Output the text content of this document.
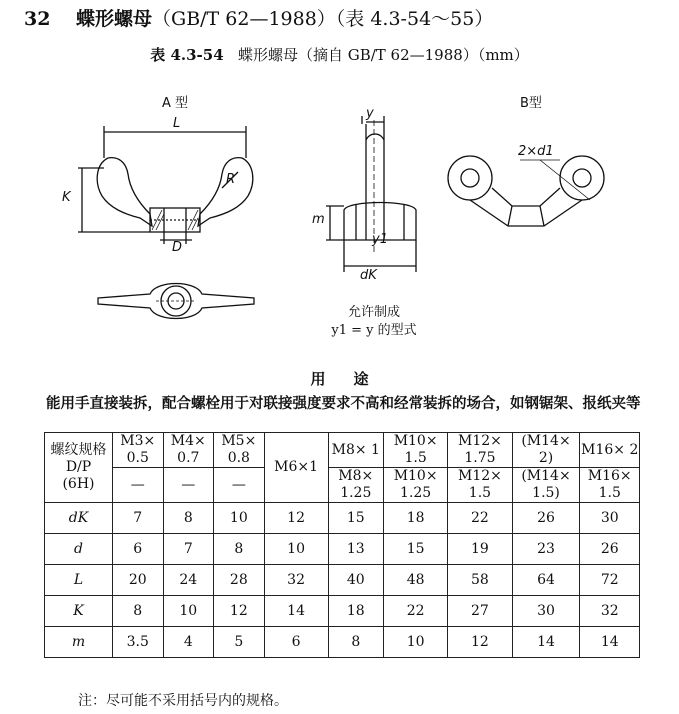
32 蝶形螺母（GB/T 62—1988）（表 4.3-54～55）
表 4.3-54 蝶形螺母（摘自 GB/T 62—1988）（mm）
A 型	B型
L
K
R
D
y
y1
m
dK
2×d1
允许制成
y1 = y 的型式
用途
能用手直接装拆，配合螺栓用于对联接强度要求不高和经常装拆的场合，如钢锯架、报纸夹等
螺纹规格 D/P (6H)	M3× 0.5	M4× 0.7	M5× 0.8	M6×1	M8× 1	M10× 1.5	M12× 1.75	(M14× 2)	M16× 2
	—	—	—		M8× 1.25	M10× 1.25	M12× 1.5	(M14× 1.5)	M16× 1.5
dK	7	8	10	12	15	18	22	26	30
d	6	7	8	10	13	15	19	23	26
L	20	24	28	32	40	48	58	64	72
K	8	10	12	14	18	22	27	30	32
m	3.5	4	5	6	8	10	12	14	14
注：尽可能不采用括号内的规格。
